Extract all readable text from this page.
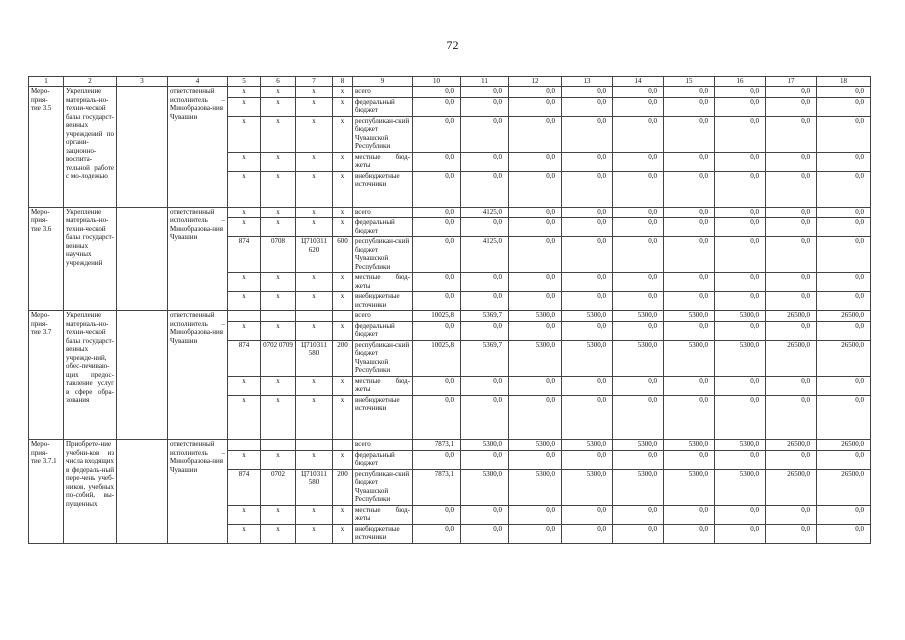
72
1	2	3	4	5	6	7	8	9	10	11	12	13	14	15	16	17	18
Меро-
прия-
тие 3.5	Укрепление материаль-но-техни-ческой базы государст-венных учреждений по органи-зационно-воспита-тельной работе с мо-лодежью		ответственный исполнитель – Минобразова-ния Чувашии	x	x	x	x	всего	0,0	0,0	0,0	0,0	0,0	0,0	0,0	0,0	0,0
				x	x	x	x	федеральный бюджет	0,0	0,0	0,0	0,0	0,0	0,0	0,0	0,0	0,0
				x	x	x	x	республикан-ский бюджет Чувашской Республики	0,0	0,0	0,0	0,0	0,0	0,0	0,0	0,0	0,0
				x	x	x	x	местные бюд-жеты	0,0	0,0	0,0	0,0	0,0	0,0	0,0	0,0	0,0
				x	x	x	x	внебюджетные источники	0,0	0,0	0,0	0,0	0,0	0,0	0,0	0,0	0,0
Меро-
прия-
тие 3.6	Укрепление материаль-но-техни-ческой базы государст-венных научных учреждений		ответственный исполнитель – Минобразова-ния Чувашии	x	x	x	x	всего	0,0	4125,0	0,0	0,0	0,0	0,0	0,0	0,0	0,0
				x	x	x	x	федеральный бюджет	0,0	0,0	0,0	0,0	0,0	0,0	0,0	0,0	0,0
				874	0708	Ц710311 620	600	республикан-ский бюджет Чувашской Республики	0,0	4125,0	0,0	0,0	0,0	0,0	0,0	0,0	0,0
				x	x	x	x	местные бюд-жеты	0,0	0,0	0,0	0,0	0,0	0,0	0,0	0,0	0,0
				x	x	x	x	внебюджетные источники	0,0	0,0	0,0	0,0	0,0	0,0	0,0	0,0	0,0
Меро-
прия-
тие 3.7	Укрепление материаль-но-техни-ческой базы государст-венных учрежде-ний, обес-печиваю-щих предос-тавление услуг в сфере обра-зования		ответственный исполнитель – Минобразова-ния Чувашии					всего	10025,8	5369,7	5300,0	5300,0	5300,0	5300,0	5300,0	26500,0	26500,0
				x	x	x	x	федеральный бюджет	0,0	0,0	0,0	0,0	0,0	0,0	0,0	0,0	0,0
				874	0702 0709	Ц710311 580	200	республикан-ский бюджет Чувашской Республики	10025,8	5369,7	5300,0	5300,0	5300,0	5300,0	5300,0	26500,0	26500,0
				x	x	x	x	местные бюд-жеты	0,0	0,0	0,0	0,0	0,0	0,0	0,0	0,0	0,0
				x	x	x	x	внебюджетные источники	0,0	0,0	0,0	0,0	0,0	0,0	0,0	0,0	0,0
Меро-
прия-
тие 3.7.1	Приобрете-ние учебни-ков из числа входящих в федераль-ный пере-чень учеб-ников, учебных по-собий, вы-пущенных		ответственный исполнитель – Минобразова-ния Чувашии					всего	7873,1	5300,0	5300,0	5300,0	5300,0	5300,0	5300,0	26500,0	26500,0
				x	x	x	x	федеральный бюджет	0,0	0,0	0,0	0,0	0,0	0,0	0,0	0,0	0,0
				874	0702	Ц710311 580	200	республикан-ский бюджет Чувашской Республики	7873,1	5300,0	5300,0	5300,0	5300,0	5300,0	5300,0	26500,0	26500,0
				x	x	x	x	местные бюд-жеты	0,0	0,0	0,0	0,0	0,0	0,0	0,0	0,0	0,0
				x	x	x	x	внебюджетные источники	0,0	0,0	0,0	0,0	0,0	0,0	0,0	0,0	0,0
